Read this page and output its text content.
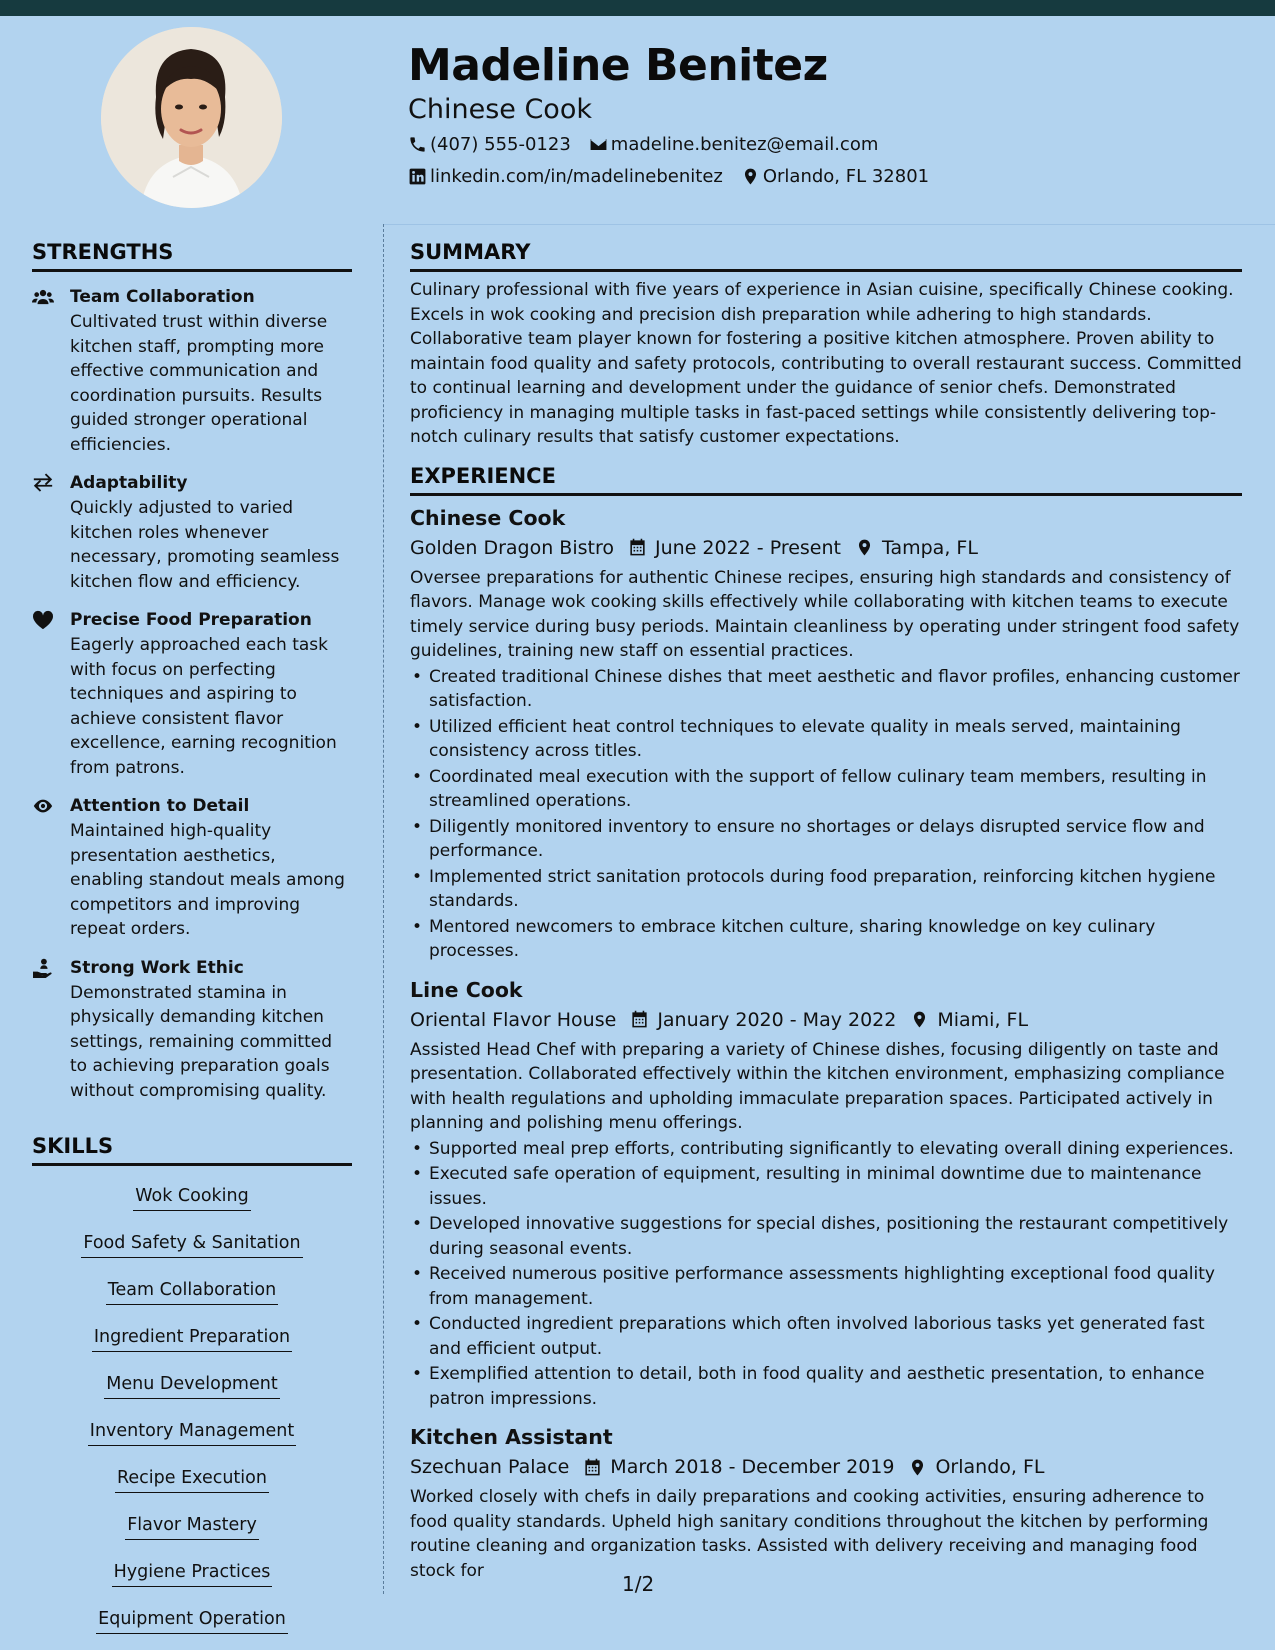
Madeline Benitez
Chinese Cook
(407) 555-0123 madeline.benitez@email.com
linkedin.com/in/madelinebenitez Orlando, FL 32801
STRENGTHS
Team Collaboration
Cultivated trust within diverse kitchen staff, prompting more effective communication and coordination pursuits. Results guided stronger operational efficiencies.
Adaptability
Quickly adjusted to varied kitchen roles whenever necessary, promoting seamless kitchen flow and efficiency.
Precise Food Preparation
Eagerly approached each task with focus on perfecting techniques and aspiring to achieve consistent flavor excellence, earning recognition from patrons.
Attention to Detail
Maintained high-quality presentation aesthetics, enabling standout meals among competitors and improving repeat orders.
Strong Work Ethic
Demonstrated stamina in physically demanding kitchen settings, remaining committed to achieving preparation goals without compromising quality.
SKILLS
Wok Cooking
Food Safety & Sanitation
Team Collaboration
Ingredient Preparation
Menu Development
Inventory Management
Recipe Execution
Flavor Mastery
Hygiene Practices
Equipment Operation
SUMMARY
Culinary professional with five years of experience in Asian cuisine, specifically Chinese cooking. Excels in wok cooking and precision dish preparation while adhering to high standards. Collaborative team player known for fostering a positive kitchen atmosphere. Proven ability to maintain food quality and safety protocols, contributing to overall restaurant success. Committed to continual learning and development under the guidance of senior chefs. Demonstrated proficiency in managing multiple tasks in fast-paced settings while consistently delivering top-notch culinary results that satisfy customer expectations.
EXPERIENCE
Chinese Cook
Golden Dragon Bistro June 2022 - Present Tampa, FL
Oversee preparations for authentic Chinese recipes, ensuring high standards and consistency of flavors. Manage wok cooking skills effectively while collaborating with kitchen teams to execute timely service during busy periods. Maintain cleanliness by operating under stringent food safety guidelines, training new staff on essential practices.
• Created traditional Chinese dishes that meet aesthetic and flavor profiles, enhancing customer satisfaction.
• Utilized efficient heat control techniques to elevate quality in meals served, maintaining consistency across titles.
• Coordinated meal execution with the support of fellow culinary team members, resulting in streamlined operations.
• Diligently monitored inventory to ensure no shortages or delays disrupted service flow and performance.
• Implemented strict sanitation protocols during food preparation, reinforcing kitchen hygiene standards.
• Mentored newcomers to embrace kitchen culture, sharing knowledge on key culinary processes.
Line Cook
Oriental Flavor House January 2020 - May 2022 Miami, FL
Assisted Head Chef with preparing a variety of Chinese dishes, focusing diligently on taste and presentation. Collaborated effectively within the kitchen environment, emphasizing compliance with health regulations and upholding immaculate preparation spaces. Participated actively in planning and polishing menu offerings.
• Supported meal prep efforts, contributing significantly to elevating overall dining experiences.
• Executed safe operation of equipment, resulting in minimal downtime due to maintenance issues.
• Developed innovative suggestions for special dishes, positioning the restaurant competitively during seasonal events.
• Received numerous positive performance assessments highlighting exceptional food quality from management.
• Conducted ingredient preparations which often involved laborious tasks yet generated fast and efficient output.
• Exemplified attention to detail, both in food quality and aesthetic presentation, to enhance patron impressions.
Kitchen Assistant
Szechuan Palace March 2018 - December 2019 Orlando, FL
Worked closely with chefs in daily preparations and cooking activities, ensuring adherence to food quality standards. Upheld high sanitary conditions throughout the kitchen by performing routine cleaning and organization tasks. Assisted with delivery receiving and managing food stock for
1/2
